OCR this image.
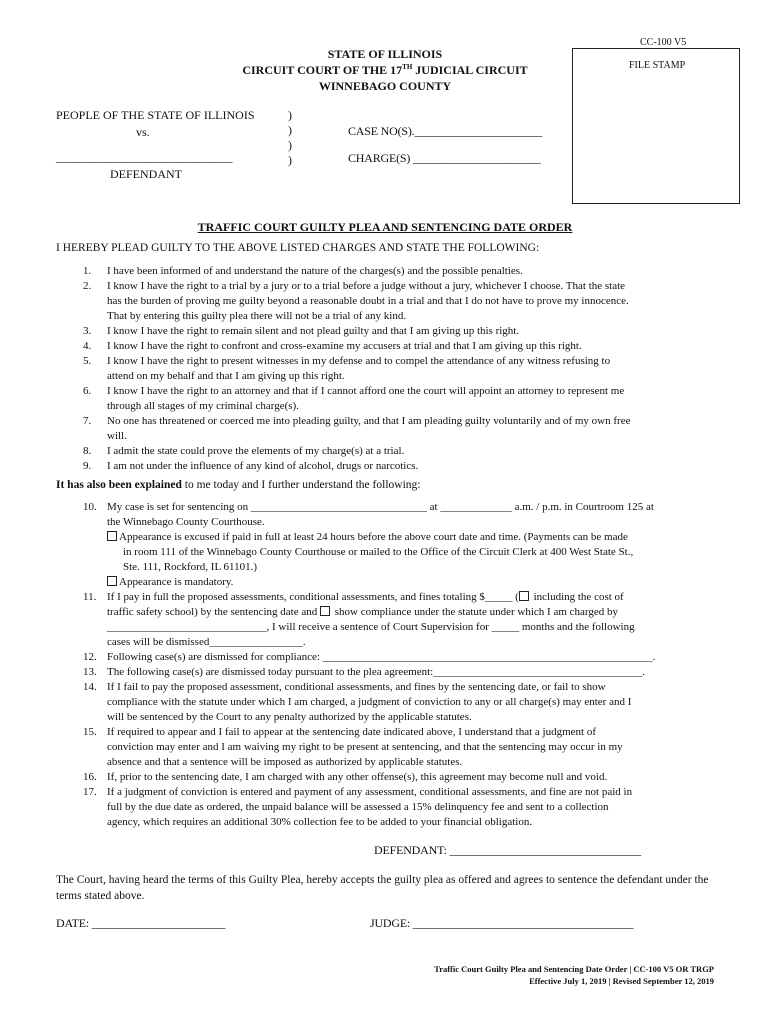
CC-100 V5
FILE STAMP
STATE OF ILLINOIS
CIRCUIT COURT OF THE 17TH JUDICIAL CIRCUIT
WINNEBAGO COUNTY
PEOPLE OF THE STATE OF ILLINOIS
vs.
________________________________
DEFENDANT
)
)
)
)
CASE NO(S).______________________
CHARGE(S) ______________________
TRAFFIC COURT GUILTY PLEA AND SENTENCING DATE ORDER
I HEREBY PLEAD GUILTY TO THE ABOVE LISTED CHARGES AND STATE THE FOLLOWING:
1.	I have been informed of and understand the nature of the charges(s) and the possible penalties.
2.	I know I have the right to a trial by a jury or to a trial before a judge without a jury, whichever I choose. That the state
has the burden of proving me guilty beyond a reasonable doubt in a trial and that I do not have to prove my innocence.
That by entering this guilty plea there will not be a trial of any kind.
3.	I know I have the right to remain silent and not plead guilty and that I am giving up this right.
4.	I know I have the right to confront and cross-examine my accusers at trial and that I am giving up this right.
5.	I know I have the right to present witnesses in my defense and to compel the attendance of any witness refusing to
attend on my behalf and that I am giving up this right.
6.	I know I have the right to an attorney and that if I cannot afford one the court will appoint an attorney to represent me
through all stages of my criminal charge(s).
7.	No one has threatened or coerced me into pleading guilty, and that I am pleading guilty voluntarily and of my own free
will.
8.	I admit the state could prove the elements of my charge(s) at a trial.
9.	I am not under the influence of any kind of alcohol, drugs or narcotics.
It has also been explained to me today and I further understand the following:
10. My case is set for sentencing on ________________________________ at _____________ a.m. / p.m. in Courtroom 125 at
the Winnebago County Courthouse.
Appearance is excused if paid in full at least 24 hours before the above court date and time. (Payments can be made
in room 111 of the Winnebago County Courthouse or mailed to the Office of the Circuit Clerk at 400 West State St.,
Ste. 111, Rockford, IL 61101.)
Appearance is mandatory.
11. If I pay in full the proposed assessments, conditional assessments, and fines totaling $_____ ( including the cost of
traffic safety school) by the sentencing date and  show compliance under the statute under which I am charged by
_____________________________, I will receive a sentence of Court Supervision for _____ months and the following
cases will be dismissed_________________.
12. Following case(s) are dismissed for compliance: ____________________________________________________________.
13. The following case(s) are dismissed today pursuant to the plea agreement:______________________________________.
14. If I fail to pay the proposed assessment, conditional assessments, and fines by the sentencing date, or fail to show
compliance with the statute under which I am charged, a judgment of conviction to any or all charge(s) may enter and I
will be sentenced by the Court to any penalty authorized by the applicable statutes.
15. If required to appear and I fail to appear at the sentencing date indicated above, I understand that a judgment of
conviction may enter and I am waiving my right to be present at sentencing, and that the sentencing may occur in my
absence and that a sentence will be imposed as authorized by applicable statutes.
16. If, prior to the sentencing date, I am charged with any other offense(s), this agreement may become null and void.
17. If a judgment of conviction is entered and payment of any assessment, conditional assessments, and fine are not paid in
full by the due date as ordered, the unpaid balance will be assessed a 15% delinquency fee and sent to a collection
agency, which requires an additional 30% collection fee to be added to your financial obligation.
DEFENDANT: _________________________________
The Court, having heard the terms of this Guilty Plea, hereby accepts the guilty plea as offered and agrees to sentence the defendant under the terms stated above.
DATE: _______________________	JUDGE: ______________________________________
Traffic Court Guilty Plea and Sentencing Date Order | CC-100 V5 OR TRGP
Effective July 1, 2019 | Revised September 12, 2019
